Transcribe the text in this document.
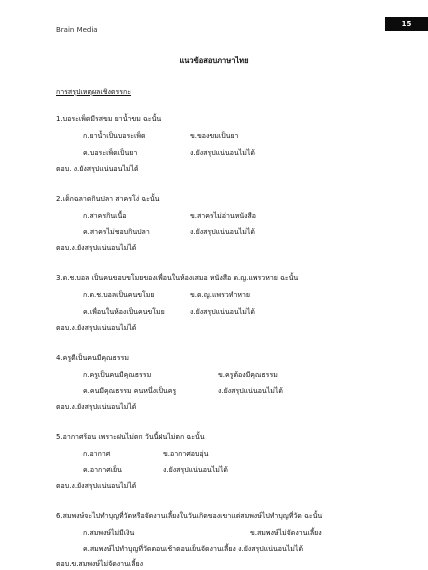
Brain Media
15
แนวข้อสอบภาษาไทย
การสรุปเหตุผลเชิงตรรกะ
1.บอระเพ็ดมีรสขม ยาน้ำขม ฉะนั้น
ก.ยาน้ำเป็นบอระเพ็ด	ข.ของขมเป็นยา
ค.บอระเพ็ดเป็นยา	ง.ยังสรุปแน่นอนไม่ได้
ตอบ. ง.ยังสรุปแน่นอนไม่ได้
2.เด็กฉลาดกินปลา สาครโง่ ฉะนั้น
ก.สาครกินเนื้อ	ข.สาครไม่อ่านหนังสือ
ค.สาครไม่ชอบกินปลา	ง.ยังสรุปแน่นอนไม่ได้
ตอบ.ง.ยังสรุปแน่นอนไม่ได้
3.ด.ช.บอล เป็นคนขอบขโมยของเพื่อนในห้องเสมอ หนังสือ ด.ญ.แพรวหาย ฉะนั้น
ก.ด.ช.บอลเป็นคนขโมย	ข.ด.ญ.แพรวทำหาย
ค.เพื่อนในห้องเป็นคนขโมย	ง.ยังสรุปแน่นอนไม่ได้
ตอบ.ง.ยังสรุปแน่นอนไม่ได้
4.ครูดีเป็นคนมีคุณธรรม
ก.ครูเป็นคนมีคุณธรรม	ข.ครูต้องมีคุณธรรม
ค.คนมีคุณธรรม คนหนึ่งเป็นครู	ง.ยังสรุปแน่นอนไม่ได้
ตอบ.ง.ยังสรุปแน่นอนไม่ได้
5.อากาศร้อน เพราะฝนไม่ตก วันนี้ฝนไม่ตก ฉะนั้น
ก.อากาศ	ข.อากาศอบอุ่น
ค.อากาศเย็น	ง.ยังสรุปแน่นอนไม่ได้
ตอบ.ง.ยังสรุปแน่นอนไม่ได้
6.สมพงษ์จะไปทำบุญที่วัดหรือจัดงานเลี้ยงในวันเกิดของเขาแต่สมพงษ์ไปทำบุญที่วัด ฉะนั้น
ก.สมพงษ์ไม่มีเงิน	ข.สมพงษ์ไม่จัดงานเลี้ยง
ค.สมพงษ์ไปทำบุญที่วัดตอนเช้าตอนเย็นจัดงานเลี้ยง ง.ยังสรุปแน่นอนไม่ได้
ตอบ.ข.สมพงษ์ไม่จัดงานเลี้ยง
